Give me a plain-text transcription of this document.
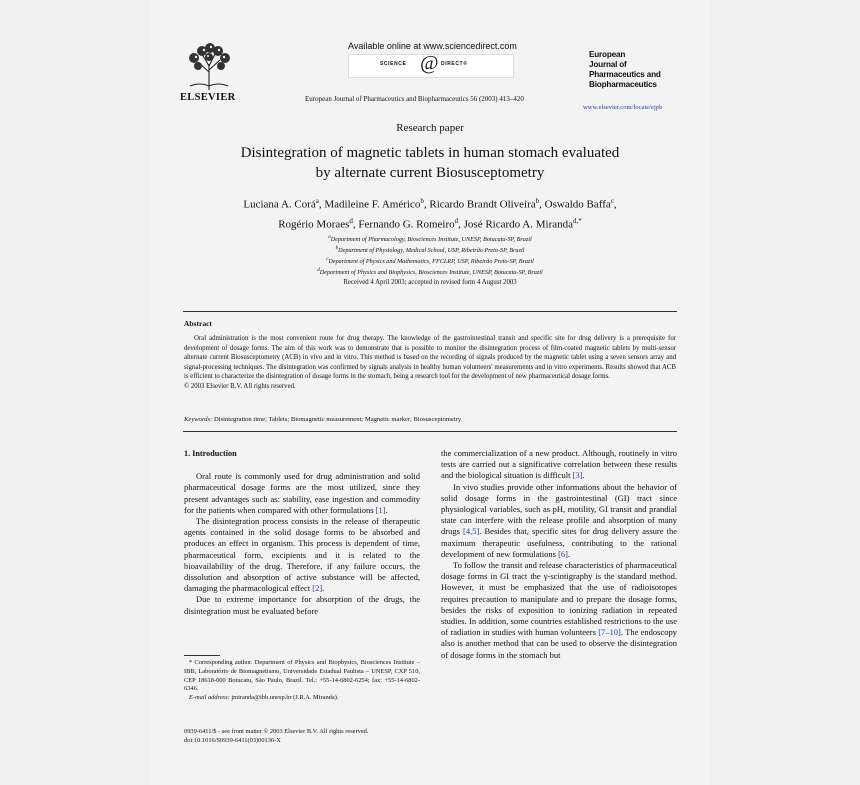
ELSEVIER
Available online at www.sciencedirect.com
SCIENCE @ DIRECT®
European Journal of Pharmaceutics and Biopharmaceutics 56 (2003) 413–420
European
Journal of
Pharmaceutics and
Biopharmaceutics
www.elsevier.com/locate/ejpb
Research paper
Disintegration of magnetic tablets in human stomach evaluated
by alternate current Biosusceptometry
Luciana A. Corá$^a$, Madileine F. Américo$^b$, Ricardo Brandt Oliveira$^b$, Oswaldo Baffa$^c$,
Rogério Moraes$^d$, Fernando G. Romeiro$^d$, José Ricardo A. Miranda$^{d,*}$
$^a$Department of Pharmacology, Biosciences Institute, UNESP, Botucatu-SP, Brazil
$^b$Department of Physiology, Medical School, USP, Ribeirão Preto-SP, Brazil
$^c$Department of Physics and Mathematics, FFCLRP, USP, Ribeirão Preto-SP, Brazil
$^d$Department of Physics and Biophysics, Biosciences Institute, UNESP, Botucatu-SP, Brazil
Received 4 April 2003; accepted in revised form 4 August 2003
Abstract

Oral administration is the most convenient route for drug therapy. The knowledge of the gastrointestinal transit and specific site for drug delivery is a prerequisite for development of dosage forms. The aim of this work was to demonstrate that is possible to monitor the disintegration process of film-coated magnetic tablets by multi-sensor alternate current Biosusceptometry (ACB) in vivo and in vitro. This method is based on the recording of signals produced by the magnetic tablet using a seven sensors array and signal-processing techniques. The disintegration was confirmed by signals analysis in healthy human volunteers' measurements and in vitro experiments. Results showed that ACB is efficient to characterize the disintegration of dosage forms in the stomach, being a research tool for the development of new pharmaceutical dosage forms.

© 2003 Elsevier B.V. All rights reserved.
Keywords: Disintegration time; Tablets; Biomagnetic measurement; Magnetic marker; Biosusceptometry
1. Introduction

Oral route is commonly used for drug administration and solid pharmaceutical dosage forms are the most utilized, since they present advantages such as: stability, ease ingestion and commodity for the patients when compared with other formulations [1].

The disintegration process consists in the release of therapeutic agents contained in the solid dosage forms to be absorbed and produces an effect in organism. This process is dependent of time, pharmaceutical form, excipients and it is related to the bioavailability of the drug. Therefore, if any failure occurs, the dissolution and absorption of active substance will be affected, damaging the pharmacological effect [2].

Due to extreme importance for absorption of the drugs, the disintegration must be evaluated before

* Corresponding author. Department of Physics and Biophysics, Biosciences Institute – IBB, Laboratório de Biomagnetismo, Universidade Estadual Paulista – UNESP, CXP 510, CEP 18618-000 Botucatu, São Paulo, Brazil. Tel.: +55-14-6802-6254; fax: +55-14-6802-6346.

E-mail address: jmiranda@ibb.unesp.br (J.R.A. Miranda).

0939-6411/$ - see front matter © 2003 Elsevier B.V. All rights reserved.
doi:10.1016/S0939-6411(03)00136-X

the commercialization of a new product. Although, routinely in vitro tests are carried out a significative correlation between these results and the biological situation is difficult [3].

In vivo studies provide other informations about the behavior of solid dosage forms in the gastrointestinal (GI) tract since physiological variables, such as pH, motility, GI transit and prandial state can interfere with the release profile and absorption of many drugs [4,5]. Besides that, specific sites for drug delivery assure the maximum therapeutic usefulness, contributing to the rational development of new formulations [6].

To follow the transit and release characteristics of pharmaceutical dosage forms in GI tract the γ-scintigraphy is the standard method. However, it must be emphasized that the use of radioisotopes requires precaution to manipulate and to prepare the dosage forms, besides the risks of exposition to ionizing radiation in repeated studies. In addition, some countries established restrictions to the use of radiation in studies with human volunteers [7–10]. The endoscopy also is another method that can be used to observe the disintegration of dosage forms in the stomach but
